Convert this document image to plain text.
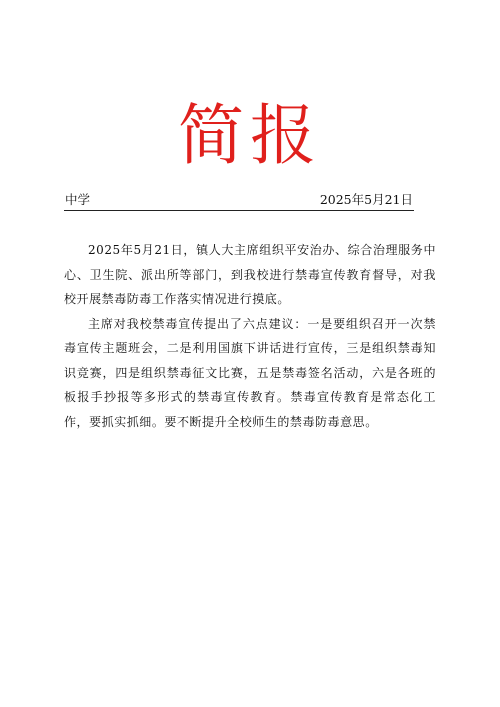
简报
中学	2025年5月21日

2025年5月21日，镇人大主席组织平安治办、综合治理服务中心、卫生院、派出所等部门，到我校进行禁毒宣传教育督导，对我校开展禁毒防毒工作落实情况进行摸底。

主席对我校禁毒宣传提出了六点建议：一是要组织召开一次禁毒宣传主题班会，二是利用国旗下讲话进行宣传，三是组织禁毒知识竞赛，四是组织禁毒征文比赛，五是禁毒签名活动，六是各班的板报手抄报等多形式的禁毒宣传教育。禁毒宣传教育是常态化工作，要抓实抓细。要不断提升全校师生的禁毒防毒意思。
